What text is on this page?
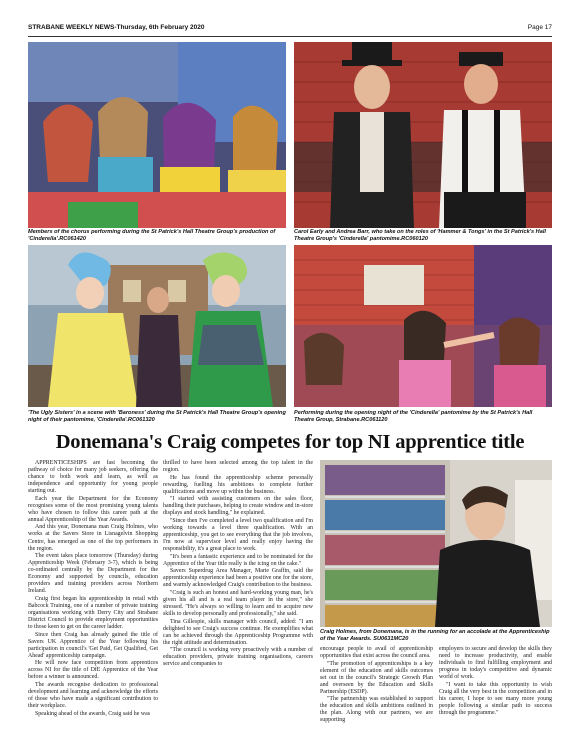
STRABANE WEEKLY NEWS-Thursday, 6th February 2020	Page 17
Members of the chorus performing during the St Patrick's Hall Theatre Group's production of 'Cinderella'.RC061420
Carol Early and Andrea Barr, who take on the roles of 'Hammer & Tongs' in the St Patrick's Hall Theatre Group's 'Cinderella' pantomime.RC060120
'The Ugly Sisters' in a scene with 'Baroness' during the St Patrick's Hall Theatre Group's opening night of their pantomime, 'Cinderella'.RC061320
Performing during the opening night of the 'Cinderella' pantomime by the St Patrick's Hall Theatre Group, Strabane.RC061120
Donemana's Craig competes for top NI apprentice title

APPRENTICESHIPS are fast becoming the pathway of choice for many job seekers, offering the chance to both work and learn, as well as independence and opportunity for young people starting out.

Each year the Department for the Economy recognises some of the most promising young talents who have chosen to follow this career path at the annual Apprenticeship of the Year Awards.

And this year, Donemana man Craig Holmes, who works at the Savers Store in Lisnagelvin Shopping Centre, has emerged as one of the top performers in the region.

The event takes place tomorrow (Thursday) during Apprenticeship Week (February 3-7), which is being co-ordinated centrally by the Department for the Economy and supported by councils, education providers and training providers across Northern Ireland.

Craig first began his apprenticeship in retail with Babcock Training, one of a number of private training organisations working with Derry City and Strabane District Council to provide employment opportunities to those keen to get on the career ladder.

Since then Craig has already gained the title of Savers UK Apprentice of the Year following his participation in council's 'Get Paid, Get Qualified, Get Ahead' apprenticeship campaign.

He will now face competition from apprentices across NI for the title of DfE Apprentice of the Year before a winner is announced.

The awards recognise dedication to professional development and learning and acknowledge the efforts of those who have made a significant contribution to their workplace.

Speaking ahead of the awards, Craig said he was

thrilled to have been selected among the top talent in the region.

He has found the apprenticeship scheme personally rewarding, fuelling his ambitions to complete further qualifications and move up within the business.

"I started with assisting customers on the sales floor, handling their purchases, helping to create window and in-store displays and stock handling," he explained.

"Since then I've completed a level two qualification and I'm working towards a level three qualification. With an apprenticeship, you get to see everything that the job involves, I'm now at supervisor level and really enjoy having the responsibility, it's a great place to work.

"It's been a fantastic experience and to be nominated for the Apprentice of the Year title really is the icing on the cake."

Savers Superdrug Area Manager, Marie Graffin, said the apprenticeship experience had been a positive one for the store, and warmly acknowledged Craig's contribution to the business.

"Craig is such an honest and hard-working young man, he's given his all and is a real team player in the store," she stressed. "He's always so willing to learn and to acquire new skills to develop personally and professionally," she said.

Tina Gillespie, skills manager with council, added: "I am delighted to see Craig's success continue. He exemplifies what can be achieved through the Apprenticeship Programme with the right attitude and determination.

"The council is working very proactively with a number of education providers, private training organisations, careers service and companies to

Craig Holmes, from Donemana, is in the running for an accolade at the Apprenticeship of the Year Awards. SU0631MC20

encourage people to avail of apprenticeship opportunities that exist across the council area.

"The promotion of apprenticeships is a key element of the education and skills outcomes set out in the council's Strategic Growth Plan and overseen by the Education and Skills Partnership (ESDP).

"The partnership was established to support the education and skills ambitions outlined in the plan. Along with our partners, we are supporting

employers to secure and develop the skills they need to increase productivity, and enable individuals to find fulfilling employment and progress in today's competitive and dynamic world of work.

"I want to take this opportunity to wish Craig all the very best in the competition and in his career, I hope to see many more young people following a similar path to success through the programme."
